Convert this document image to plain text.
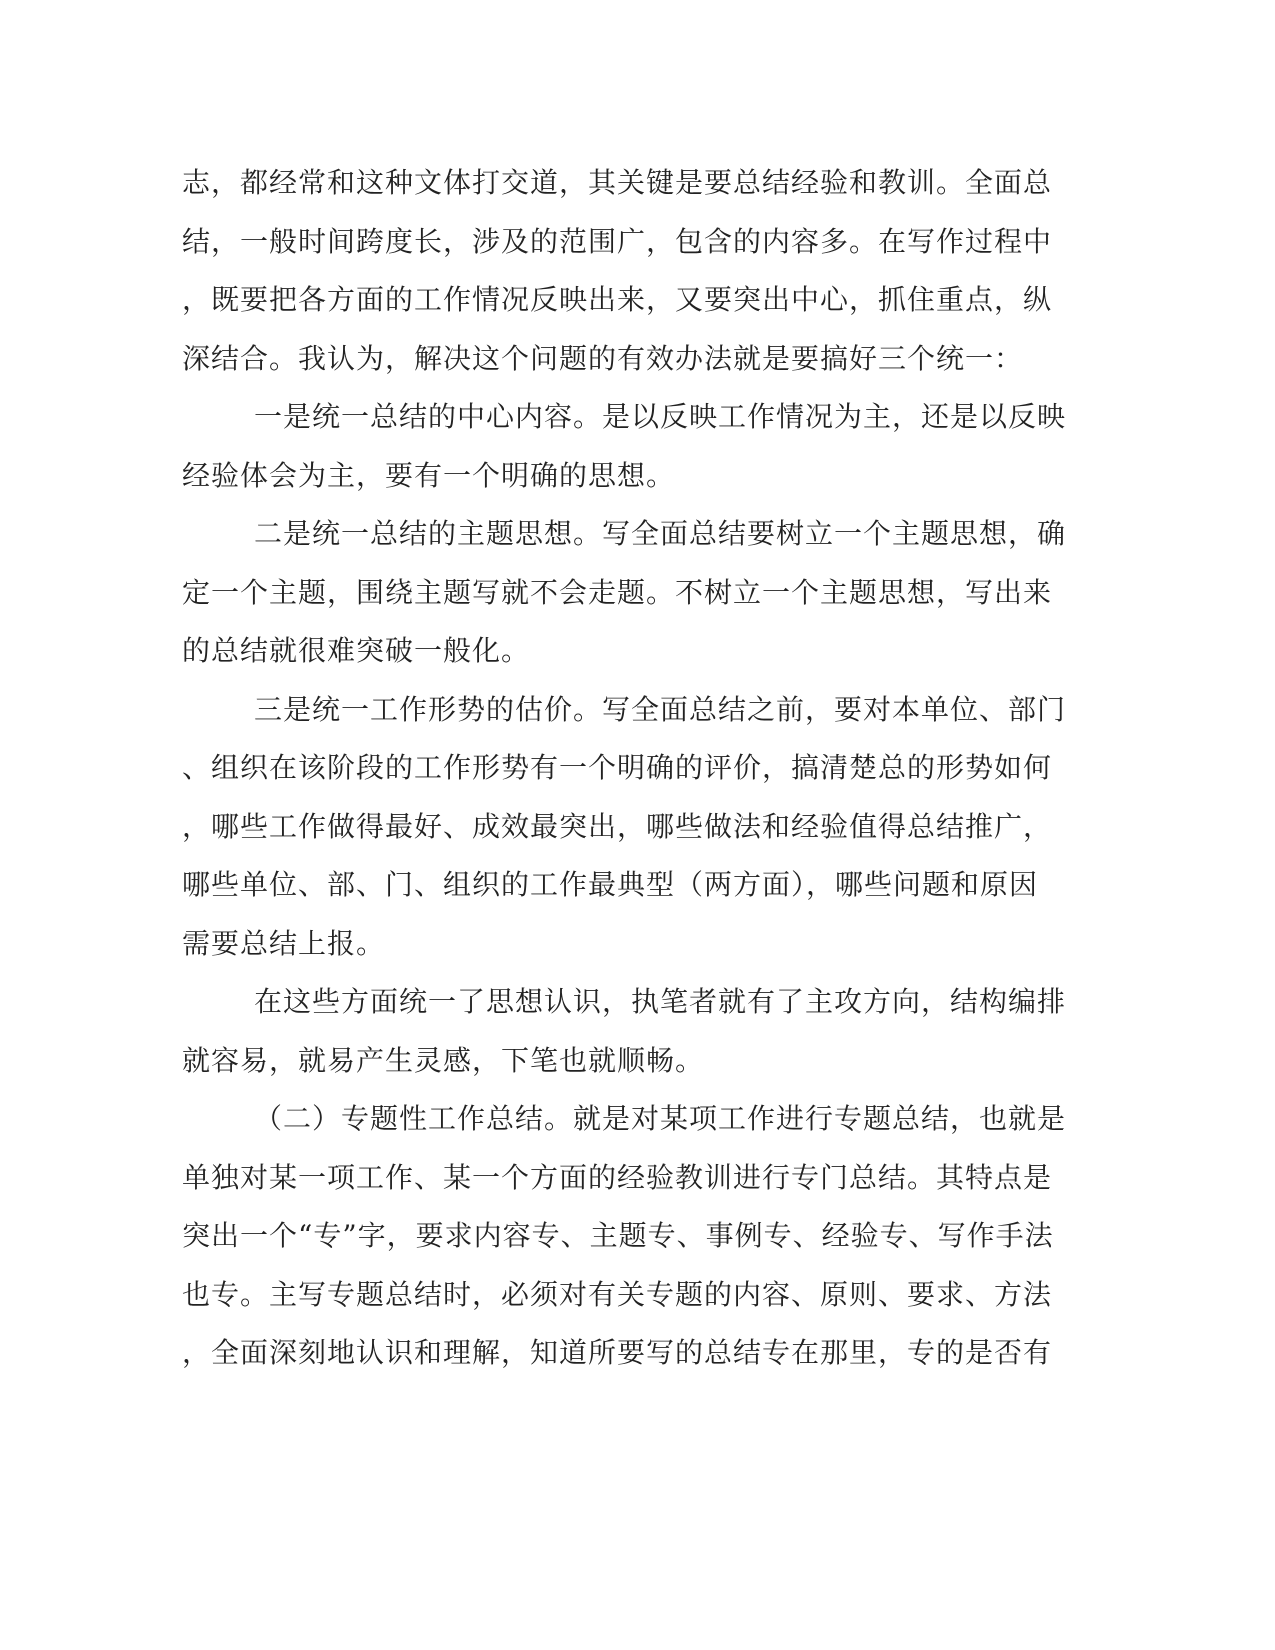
志，都经常和这种文体打交道，其关键是要总结经验和教训。全面总
结，一般时间跨度长，涉及的范围广，包含的内容多。在写作过程中
，既要把各方面的工作情况反映出来，又要突出中心，抓住重点，纵
深结合。我认为，解决这个问题的有效办法就是要搞好三个统一：
一是统一总结的中心内容。是以反映工作情况为主，还是以反映
经验体会为主，要有一个明确的思想。
二是统一总结的主题思想。写全面总结要树立一个主题思想，确
定一个主题，围绕主题写就不会走题。不树立一个主题思想，写出来
的总结就很难突破一般化。
三是统一工作形势的估价。写全面总结之前，要对本单位、部门
、组织在该阶段的工作形势有一个明确的评价，搞清楚总的形势如何
，哪些工作做得最好、成效最突出，哪些做法和经验值得总结推广，
哪些单位、部、门、组织的工作最典型（两方面），哪些问题和原因
需要总结上报。
在这些方面统一了思想认识，执笔者就有了主攻方向，结构编排
就容易，就易产生灵感，下笔也就顺畅。
（二）专题性工作总结。就是对某项工作进行专题总结，也就是
单独对某一项工作、某一个方面的经验教训进行专门总结。其特点是
突出一个“专”字，要求内容专、主题专、事例专、经验专、写作手法
也专。主写专题总结时，必须对有关专题的内容、原则、要求、方法
，全面深刻地认识和理解，知道所要写的总结专在那里，专的是否有
